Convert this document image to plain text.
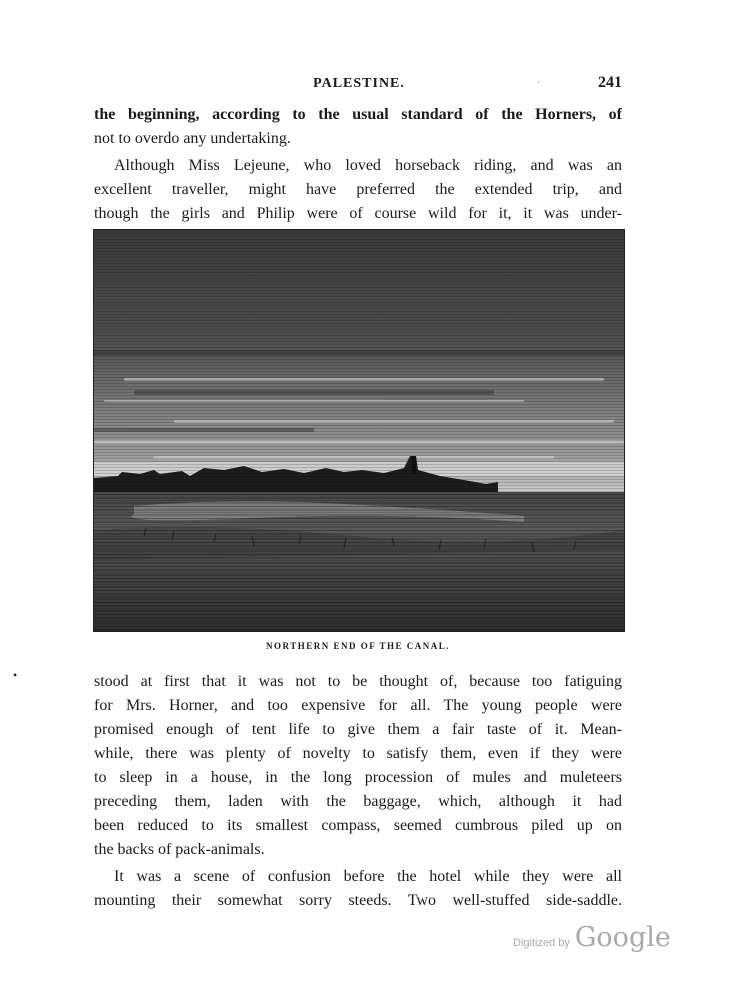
PALESTINE.	241
˙
the beginning, according to the usual standard of the Horners, of
not to overdo any undertaking.
Although Miss Lejeune, who loved horseback riding, and was an
excellent traveller, might have preferred the extended trip, and
though the girls and Philip were of course wild for it, it was under-
NORTHERN END OF THE CANAL.
•	stood at first that it was not to be thought of, because too fatiguing
for Mrs. Horner, and too expensive for all. The young people were
promised enough of tent life to give them a fair taste of it. Mean-
while, there was plenty of novelty to satisfy them, even if they were
to sleep in a house, in the long procession of mules and muleteers
preceding them, laden with the baggage, which, although it had
been reduced to its smallest compass, seemed cumbrous piled up on
the backs of pack-animals.
It was a scene of confusion before the hotel while they were all
mounting their somewhat sorry steeds. Two well-stuffed side-saddle.
Digitized by Google
